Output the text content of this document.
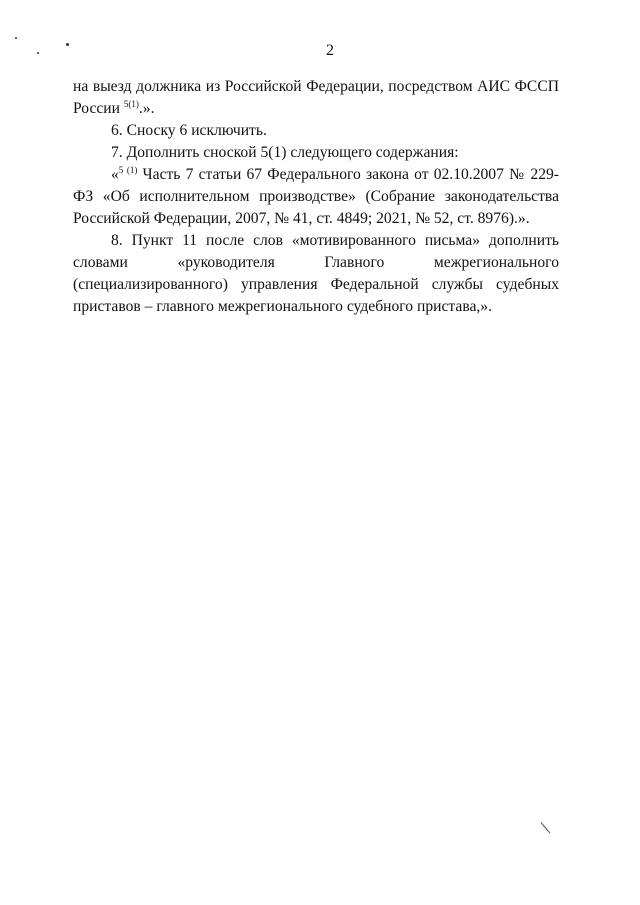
2

на выезд должника из Российской Федерации, посредством АИС ФССП

России $^{5(1)}$.».

6. Сноску 6 исключить.

7. Дополнить сноской 5(1) следующего содержания:

«$^{5 (1)}$ Часть 7 статьи 67 Федерального закона от 02.10.2007 № 229-ФЗ «Об исполнительном производстве» (Собрание законодательства Российской Федерации, 2007, № 41, ст. 4849; 2021, № 52, ст. 8976).».

8. Пункт 11 после слов «мотивированного письма» дополнить словами «руководителя Главного межрегионального (специализированного) управления Федеральной службы судебных приставов – главного межрегионального судебного пристава,».
